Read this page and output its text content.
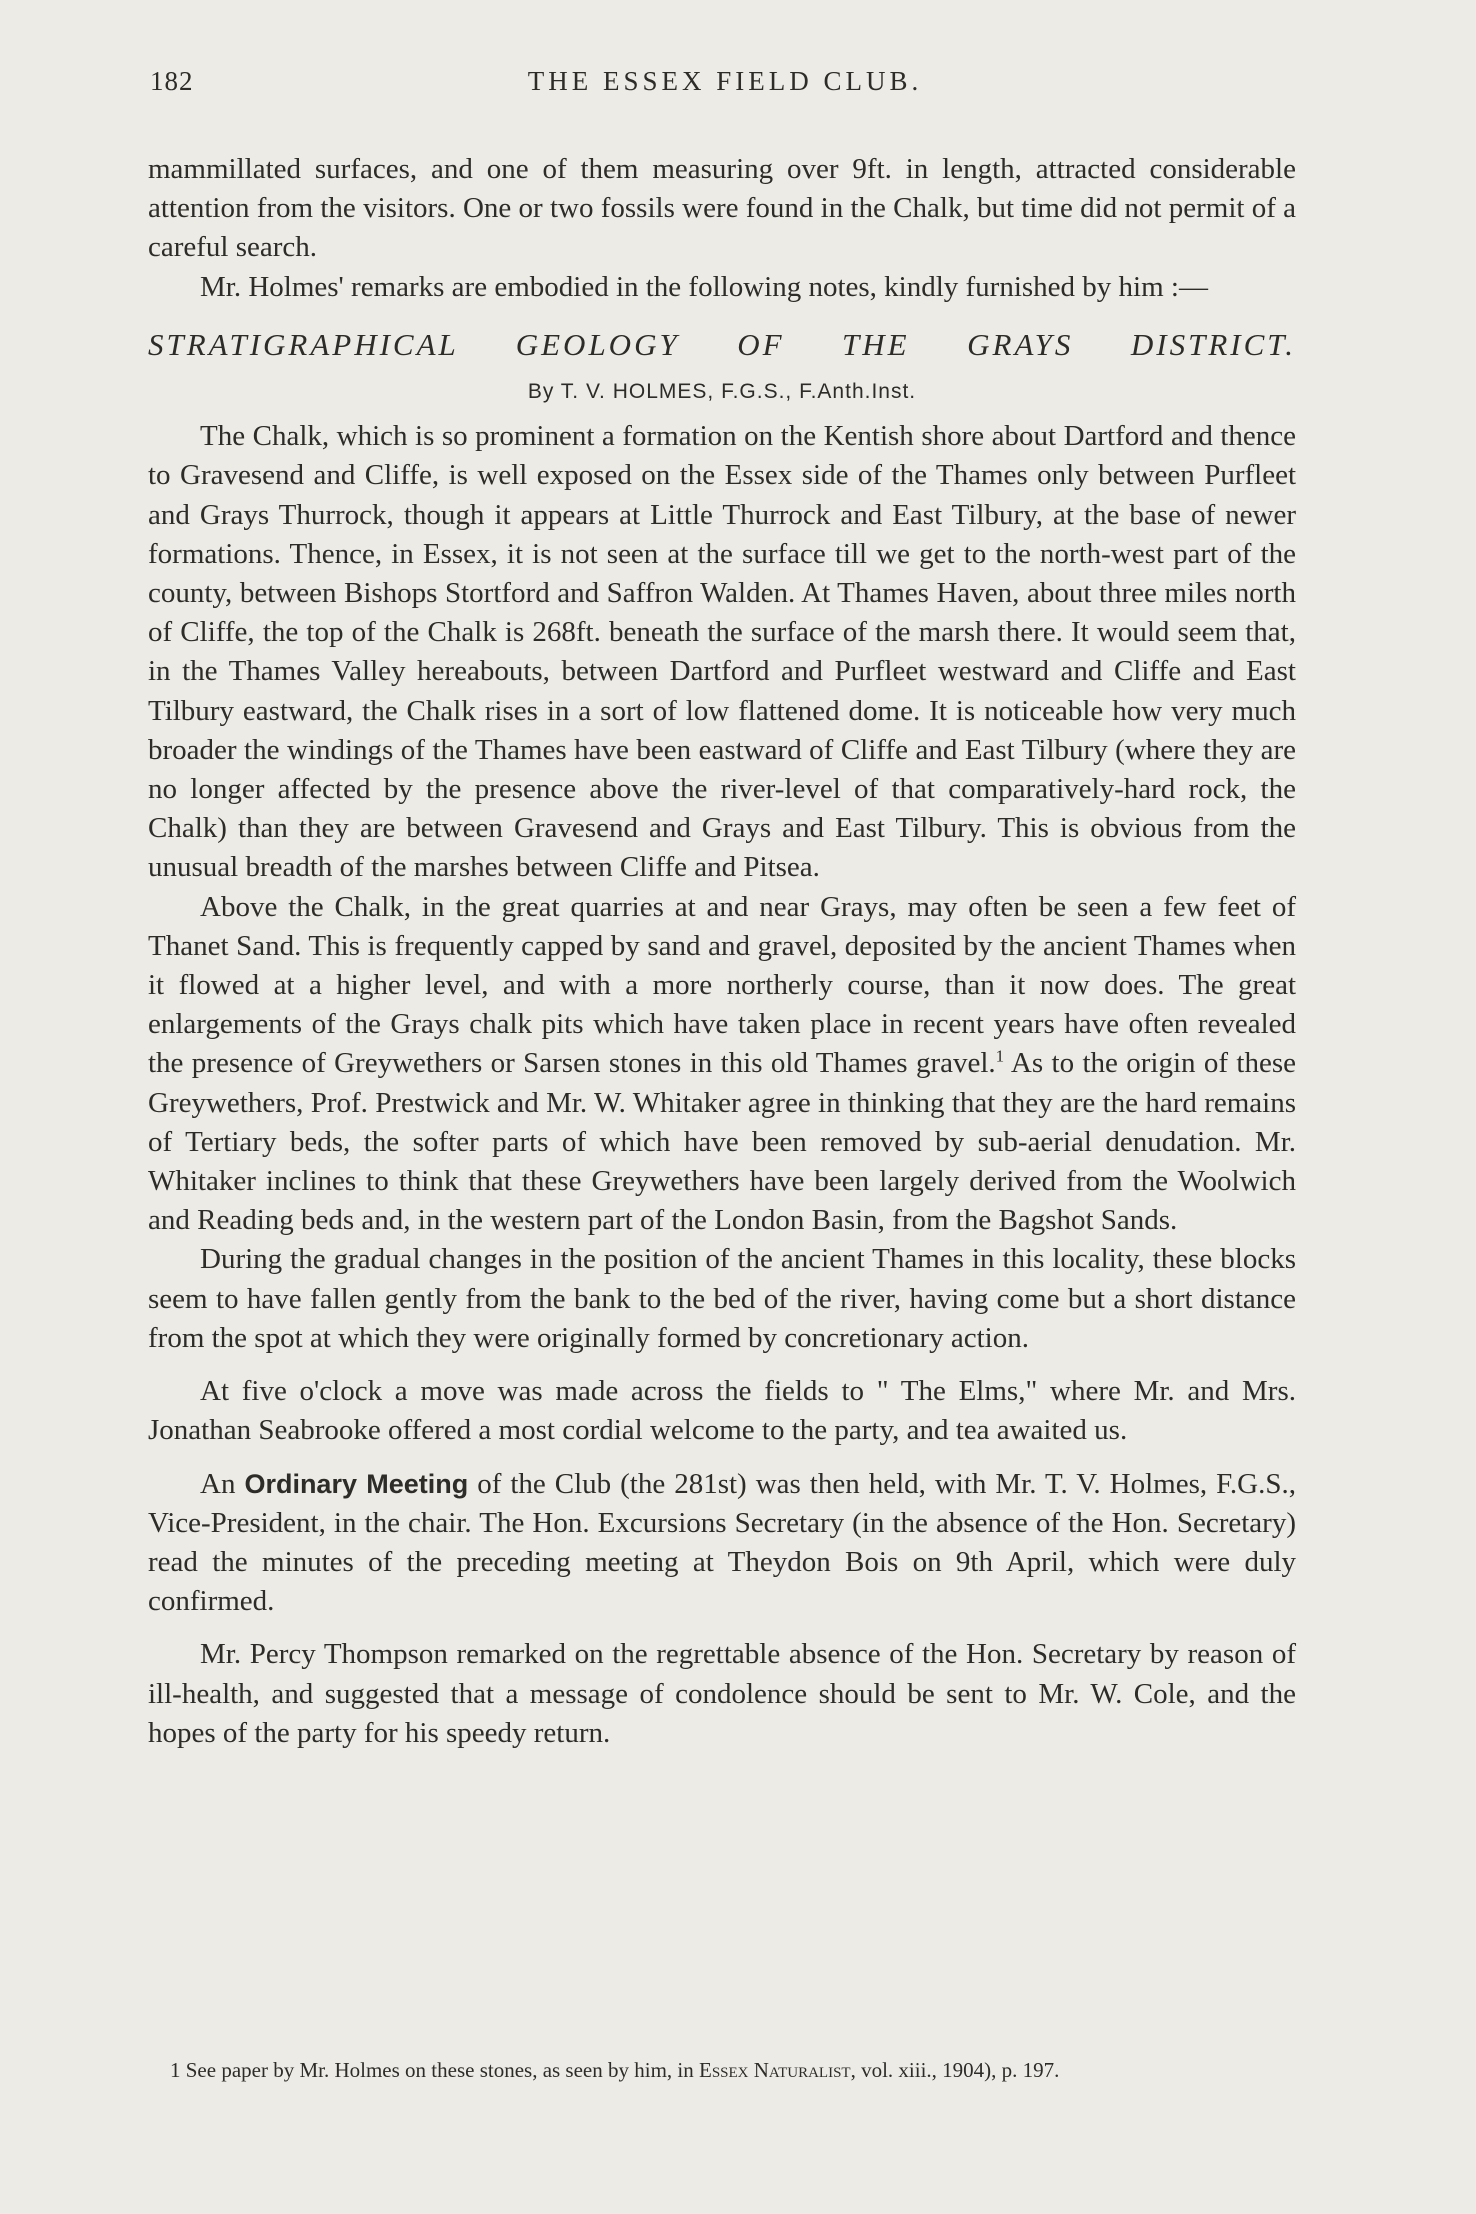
182	THE ESSEX FIELD CLUB.

mammillated surfaces, and one of them measuring over 9ft. in length, attracted considerable attention from the visitors. One or two fossils were found in the Chalk, but time did not permit of a careful search.

Mr. Holmes' remarks are embodied in the following notes, kindly furnished by him :—

STRATIGRAPHICAL GEOLOGY OF THE GRAYS DISTRICT.
By T. V. HOLMES, F.G.S., F.Anth.Inst.

The Chalk, which is so prominent a formation on the Kentish shore about Dartford and thence to Gravesend and Cliffe, is well exposed on the Essex side of the Thames only between Purfleet and Grays Thurrock, though it appears at Little Thurrock and East Tilbury, at the base of newer formations. Thence, in Essex, it is not seen at the surface till we get to the north-west part of the county, between Bishops Stortford and Saffron Walden. At Thames Haven, about three miles north of Cliffe, the top of the Chalk is 268ft. beneath the surface of the marsh there. It would seem that, in the Thames Valley hereabouts, between Dartford and Purfleet westward and Cliffe and East Tilbury eastward, the Chalk rises in a sort of low flattened dome. It is noticeable how very much broader the windings of the Thames have been eastward of Cliffe and East Tilbury (where they are no longer affected by the presence above the river-level of that comparatively-hard rock, the Chalk) than they are between Gravesend and Grays and East Tilbury. This is obvious from the unusual breadth of the marshes between Cliffe and Pitsea.

Above the Chalk, in the great quarries at and near Grays, may often be seen a few feet of Thanet Sand. This is frequently capped by sand and gravel, deposited by the ancient Thames when it flowed at a higher level, and with a more northerly course, than it now does. The great enlargements of the Grays chalk pits which have taken place in recent years have often revealed the presence of Greywethers or Sarsen stones in this old Thames gravel.$^1$ As to the origin of these Greywethers, Prof. Prestwick and Mr. W. Whitaker agree in thinking that they are the hard remains of Tertiary beds, the softer parts of which have been removed by sub-aerial denudation. Mr. Whitaker inclines to think that these Greywethers have been largely derived from the Woolwich and Reading beds and, in the western part of the London Basin, from the Bagshot Sands.

During the gradual changes in the position of the ancient Thames in this locality, these blocks seem to have fallen gently from the bank to the bed of the river, having come but a short distance from the spot at which they were originally formed by concretionary action.

At five o'clock a move was made across the fields to " The Elms," where Mr. and Mrs. Jonathan Seabrooke offered a most cordial welcome to the party, and tea awaited us.

An Ordinary Meeting of the Club (the 281st) was then held, with Mr. T. V. Holmes, F.G.S., Vice-President, in the chair. The Hon. Excursions Secretary (in the absence of the Hon. Secretary) read the minutes of the preceding meeting at Theydon Bois on 9th April, which were duly confirmed.

Mr. Percy Thompson remarked on the regrettable absence of the Hon. Secretary by reason of ill-health, and suggested that a message of condolence should be sent to Mr. W. Cole, and the hopes of the party for his speedy return.

1 See paper by Mr. Holmes on these stones, as seen by him, in Essex Naturalist, vol. xiii., 1904), p. 197.
